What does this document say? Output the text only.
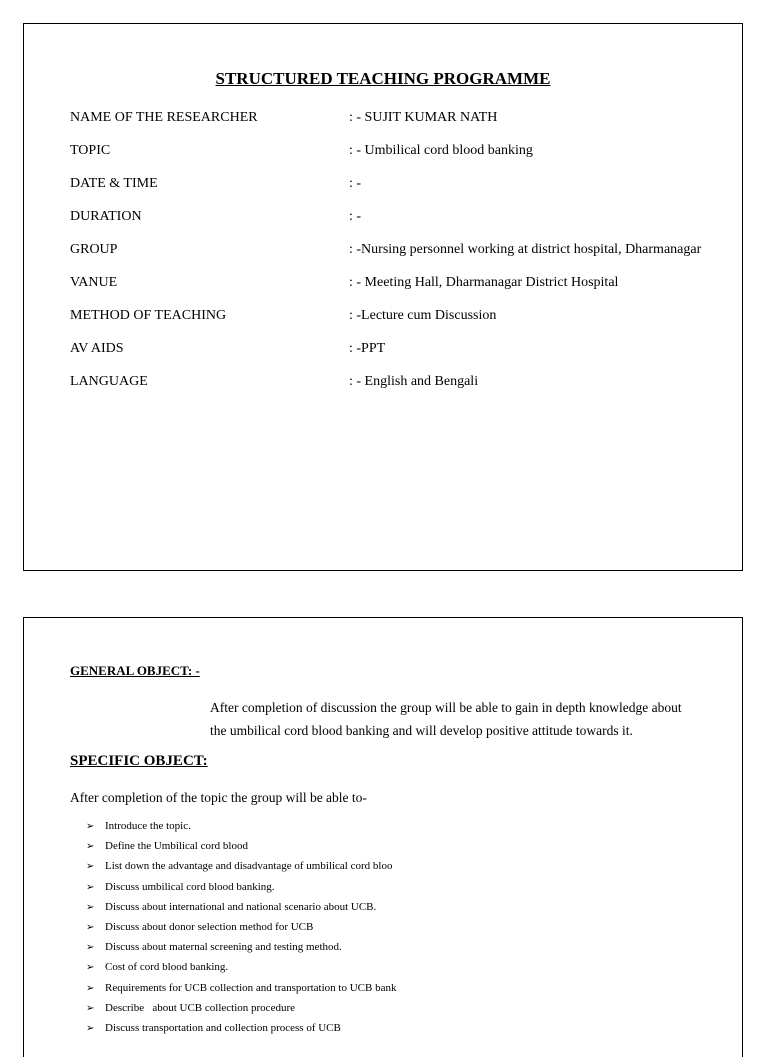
STRUCTURED TEACHING PROGRAMME
NAME OF THE RESEARCHER	: - SUJIT KUMAR NATH
TOPIC	: - Umbilical cord blood banking
DATE & TIME	: -
DURATION	: -
GROUP	: -Nursing personnel working at district hospital, Dharmanagar
VANUE	: - Meeting Hall, Dharmanagar District Hospital
METHOD OF TEACHING	: -Lecture cum Discussion
AV AIDS	: -PPT
LANGUAGE	: - English and Bengali
GENERAL OBJECT: -
After completion of discussion the group will be able to gain in depth knowledge about the umbilical cord blood banking and will develop positive attitude towards it.
SPECIFIC OBJECT:
After completion of the topic the group will be able to-
➢ Introduce the topic.
➢ Define the Umbilical cord blood
➢ List down the advantage and disadvantage of umbilical cord bloo
➢ Discuss umbilical cord blood banking.
➢ Discuss about international and national scenario about UCB.
➢ Discuss about donor selection method for UCB
➢ Discuss about maternal screening and testing method.
➢ Cost of cord blood banking.
➢ Requirements for UCB collection and transportation to UCB bank
➢ Describe   about UCB collection procedure
➢ Discuss transportation and collection process of UCB
